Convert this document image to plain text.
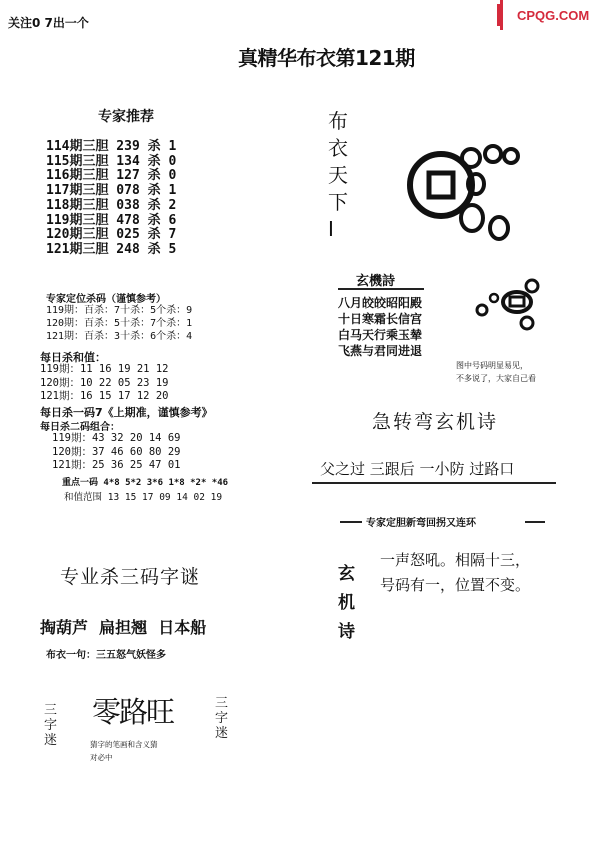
关注0 7出一个
CPQG.COM
真精华布衣第121期
专家推荐
114期三胆 239 杀 1
115期三胆 134 杀 0
116期三胆 127 杀 0
117期三胆 078 杀 1
118期三胆 038 杀 2
119期三胆 478 杀 6
120期三胆 025 杀 7
121期三胆 248 杀 5
专家定位杀码（谨慎参考）
119期：百杀：7十杀：5个杀：9
120期：百杀：5十杀：7个杀：1
121期：百杀：3十杀：6个杀：4
每日杀和值：
119期：11 16 19 21 12
120期：10 22 05 23 19
121期：16 15 17 12 20
每日杀一码7《上期准，谨慎参考》
每日杀二码组合：
119期：43 32 20 14 69
120期：37 46 60 80 29
121期：25 36 25 47 01
重点一码 4*8 5*2 3*6 1*8 *2* *46
和值范围 13 15 17 09 14 02 19
专业杀三码字谜
掏葫芦  扁担翘  日本船
布衣一句：三五怒气妖怪多
三
字
迷
零路旺
猜字的笔画和含义猜
对必中
三
字
迷
布
衣
天
下
I
玄機詩
八月皎皎昭阳殿
十日寒霜长信宫
白马天行乘玉辇
飞燕与君同进退
图中号码明显易见，
不多说了，大家自己看
急转弯玄机诗
父之过 三跟后 一小防 过路口
专家定胆新弯回拐又连环
玄
机
诗
一声怒吼。相隔十三，
号码有一，位置不变。
